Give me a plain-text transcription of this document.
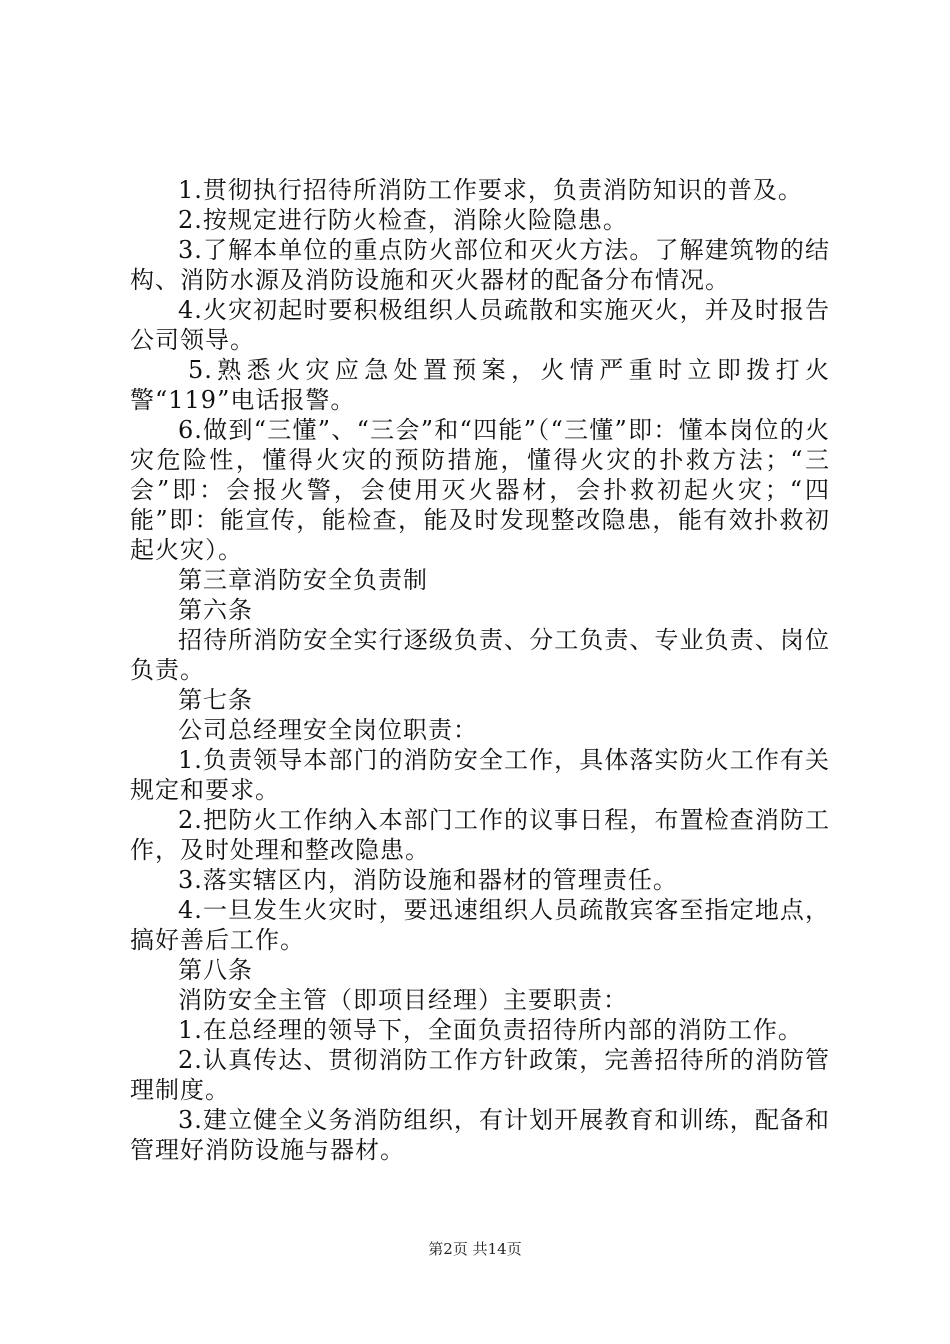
1.贯彻执行招待所消防工作要求，负责消防知识的普及。

2.按规定进行防火检查，消除火险隐患。

3.了解本单位的重点防火部位和灭火方法。了解建筑物的结构、消防水源及消防设施和灭火器材的配备分布情况。

4.火灾初起时要积极组织人员疏散和实施灭火，并及时报告公司领导。

5.熟悉火灾应急处置预案，火情严重时立即拨打火警“119”电话报警。

6.做到“三懂”、“三会”和“四能”（“三懂”即：懂本岗位的火灾危险性，懂得火灾的预防措施，懂得火灾的扑救方法；“三会”即：会报火警，会使用灭火器材，会扑救初起火灾；“四能”即：能宣传，能检查，能及时发现整改隐患，能有效扑救初起火灾）。

第三章消防安全负责制

第六条

招待所消防安全实行逐级负责、分工负责、专业负责、岗位负责。

第七条

公司总经理安全岗位职责：

1.负责领导本部门的消防安全工作，具体落实防火工作有关规定和要求。

2.把防火工作纳入本部门工作的议事日程，布置检查消防工作，及时处理和整改隐患。

3.落实辖区内，消防设施和器材的管理责任。

4.一旦发生火灾时，要迅速组织人员疏散宾客至指定地点，搞好善后工作。

第八条

消防安全主管（即项目经理）主要职责：

1.在总经理的领导下，全面负责招待所内部的消防工作。

2.认真传达、贯彻消防工作方针政策，完善招待所的消防管理制度。

3.建立健全义务消防组织，有计划开展教育和训练，配备和管理好消防设施与器材。

第2页 共14页
